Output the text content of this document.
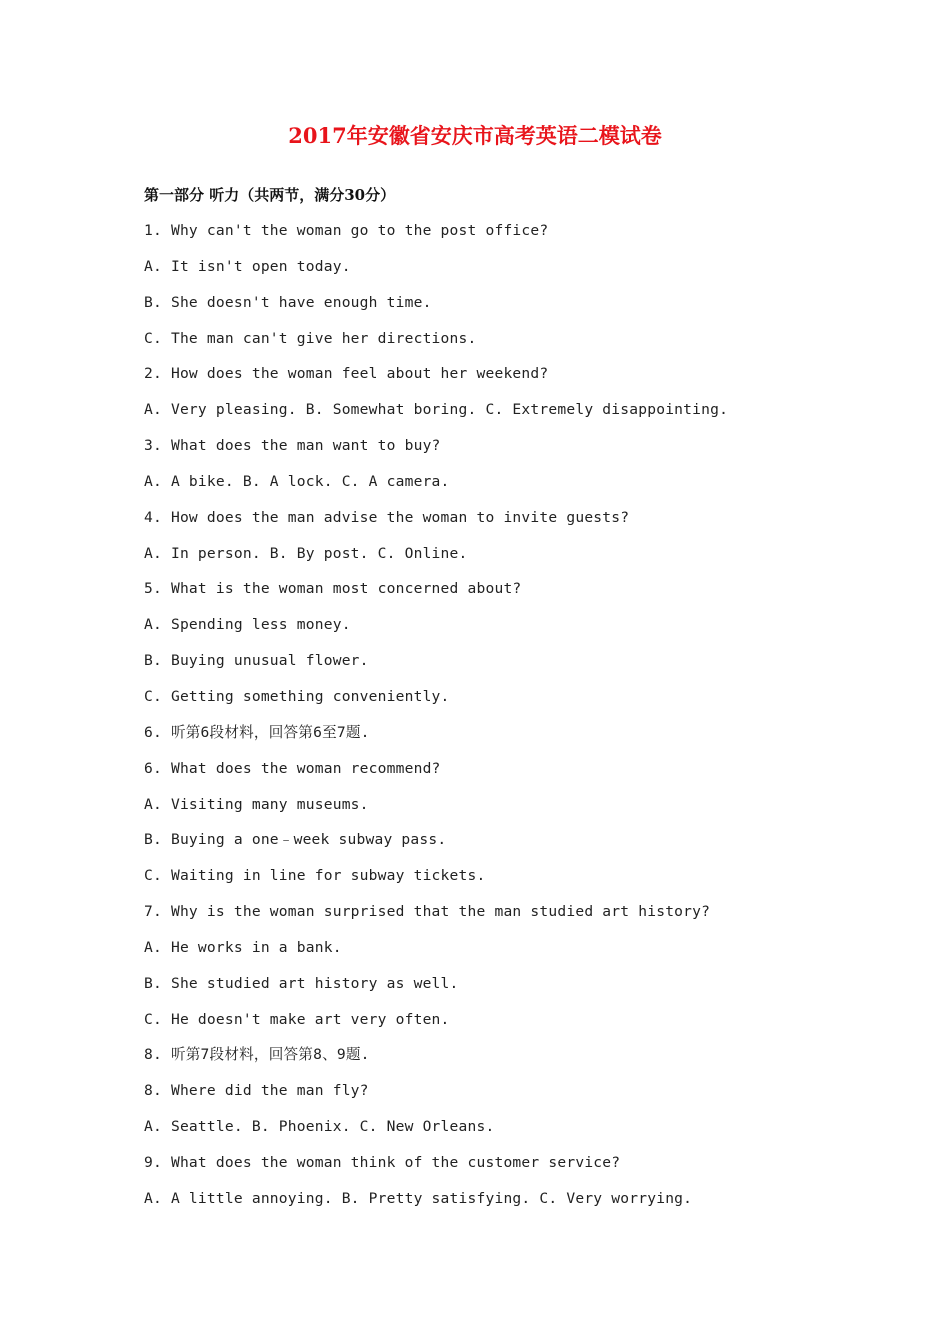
2017年安徽省安庆市高考英语二模试卷
第一部分 听力（共两节，满分30分）
1. Why can't the woman go to the post office?
A. It isn't open today.
B. She doesn't have enough time.
C. The man can't give her directions.
2. How does the woman feel about her weekend?
A. Very pleasing. B. Somewhat boring. C. Extremely disappointing.
3. What does the man want to buy?
A. A bike. B. A lock. C. A camera.
4. How does the man advise the woman to invite guests?
A. In person. B. By post. C. Online.
5. What is the woman most concerned about?
A. Spending less money.
B. Buying unusual flower.
C. Getting something conveniently.
6. 听第6段材料，回答第6至7题.
6. What does the woman recommend?
A. Visiting many museums.
B. Buying a one﹣week subway pass.
C. Waiting in line for subway tickets.
7. Why is the woman surprised that the man studied art history?
A. He works in a bank.
B. She studied art history as well.
C. He doesn't make art very often.
8. 听第7段材料，回答第8、9题.
8. Where did the man fly?
A. Seattle. B. Phoenix. C. New Orleans.
9. What does the woman think of the customer service?
A. A little annoying. B. Pretty satisfying. C. Very worrying.
